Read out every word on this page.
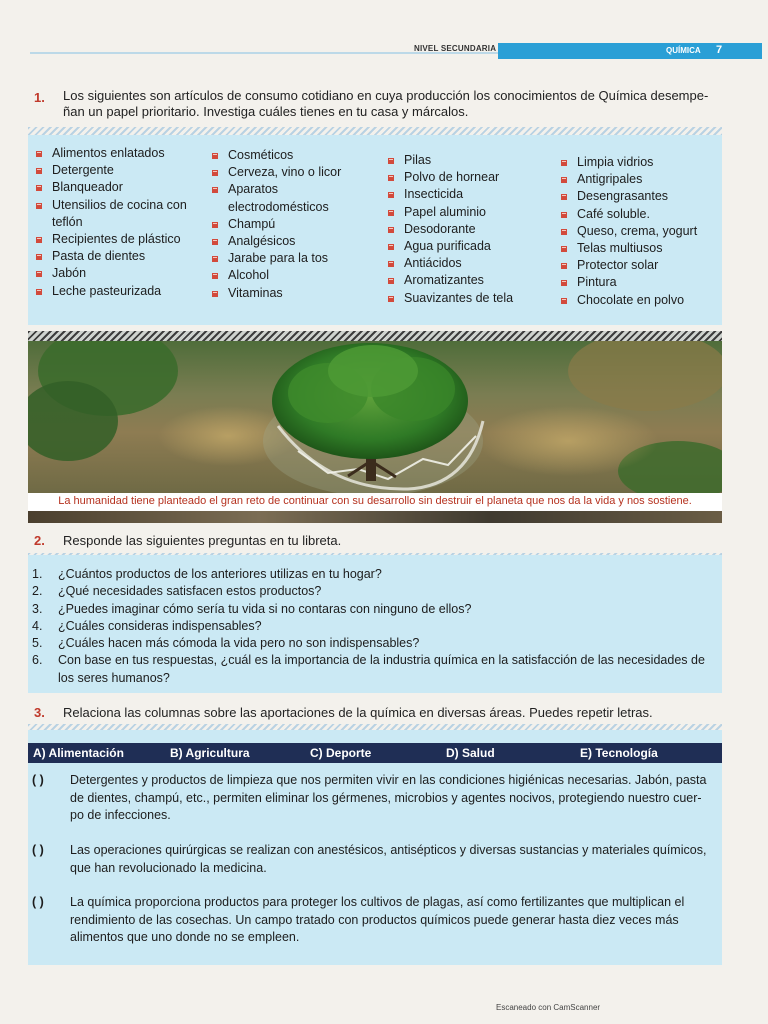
NIVEL SECUNDARIA	QUÍMICA 7
1. Los siguientes son artículos de consumo cotidiano en cuya producción los conocimientos de Química desempe-
ñan un papel prioritario. Investiga cuáles tienes en tu casa y márcalos.
Alimentos enlatados
Detergente
Blanqueador
Utensilios de cocina con
teflón
Recipientes de plástico
Pasta de dientes
Jabón
Leche pasteurizada
Cosméticos
Cerveza, vino o licor
Aparatos
electrodomésticos
Champú
Analgésicos
Jarabe para la tos
Alcohol
Vitaminas
Pilas
Polvo de hornear
Insecticida
Papel aluminio
Desodorante
Agua purificada
Antiácidos
Aromatizantes
Suavizantes de tela
Limpia vidrios
Antigripales
Desengrasantes
Café soluble.
Queso, crema, yogurt
Telas multiusos
Protector solar
Pintura
Chocolate en polvo
La humanidad tiene planteado el gran reto de continuar con su desarrollo sin destruir el planeta que nos da la vida y nos sostiene.
2. Responde las siguientes preguntas en tu libreta.
1.	¿Cuántos productos de los anteriores utilizas en tu hogar?
2.	¿Qué necesidades satisfacen estos productos?
3.	¿Puedes imaginar cómo sería tu vida si no contaras con ninguno de ellos?
4.	¿Cuáles consideras indispensables?
5.	¿Cuáles hacen más cómoda la vida pero no son indispensables?
6.	Con base en tus respuestas, ¿cuál es la importancia de la industria química en la satisfacción de las necesidades de
los seres humanos?
3. Relaciona las columnas sobre las aportaciones de la química en diversas áreas. Puedes repetir letras.
A) Alimentación	B) Agricultura	C) Deporte	D) Salud	E) Tecnología
( )	Detergentes y productos de limpieza que nos permiten vivir en las condiciones higiénicas necesarias. Jabón, pasta
de dientes, champú, etc., permiten eliminar los gérmenes, microbios y agentes nocivos, protegiendo nuestro cuer-
po de infecciones.
( )	Las operaciones quirúrgicas se realizan con anestésicos, antisépticos y diversas sustancias y materiales químicos,
que han revolucionado la medicina.
( )	La química proporciona productos para proteger los cultivos de plagas, así como fertilizantes que multiplican el
rendimiento de las cosechas. Un campo tratado con productos químicos puede generar hasta diez veces más
alimentos que uno donde no se empleen.
Escaneado con CamScanner
